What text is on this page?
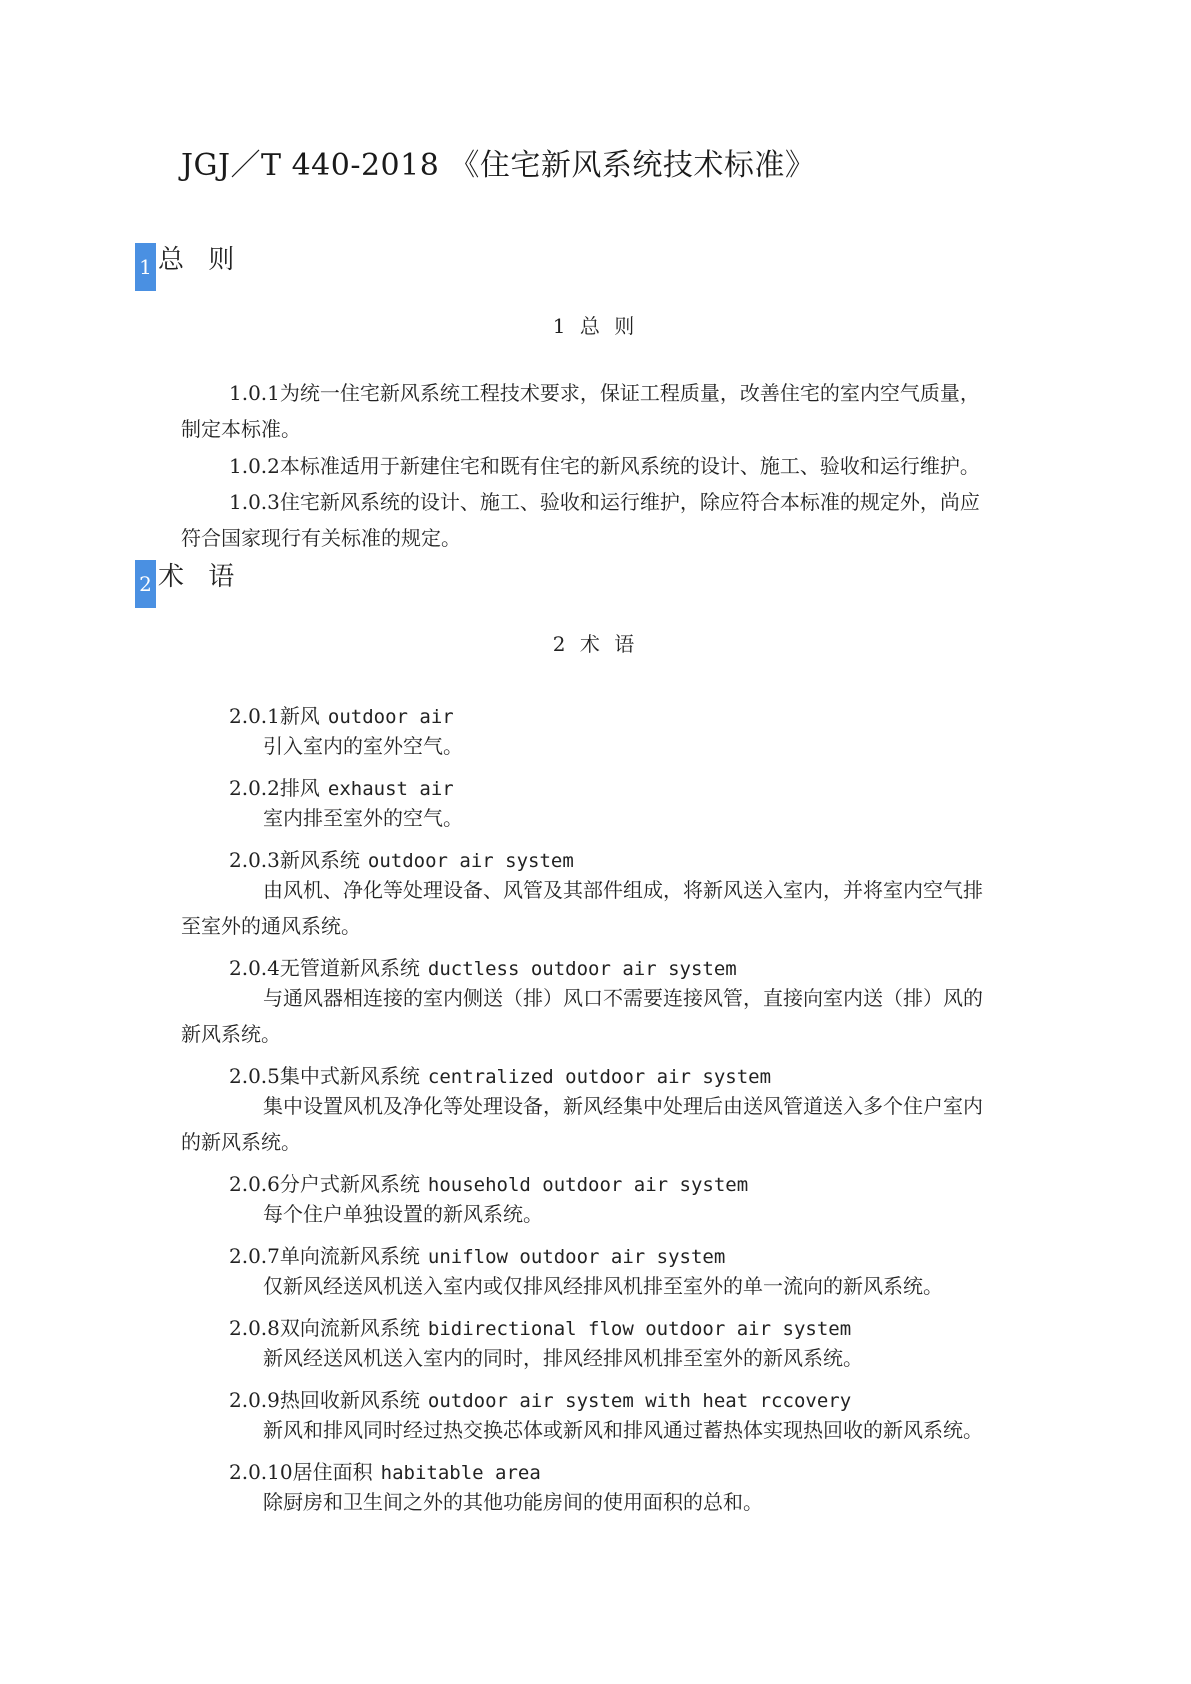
JGJ／T 440-2018 《住宅新风系统技术标准》
1 总 则
1 总 则
1.0.1为统一住宅新风系统工程技术要求，保证工程质量，改善住宅的室内空气质量，
制定本标准。
1.0.2本标准适用于新建住宅和既有住宅的新风系统的设计、施工、验收和运行维护。
1.0.3住宅新风系统的设计、施工、验收和运行维护，除应符合本标准的规定外，尚应
符合国家现行有关标准的规定。
2 术 语
2 术 语
2.0.1新风 outdoor air
引入室内的室外空气。
2.0.2排风 exhaust air
室内排至室外的空气。
2.0.3新风系统 outdoor air system
由风机、净化等处理设备、风管及其部件组成，将新风送入室内，并将室内空气排
至室外的通风系统。
2.0.4无管道新风系统 ductless outdoor air system
与通风器相连接的室内侧送（排）风口不需要连接风管，直接向室内送（排）风的
新风系统。
2.0.5集中式新风系统 centralized outdoor air system
集中设置风机及净化等处理设备，新风经集中处理后由送风管道送入多个住户室内
的新风系统。
2.0.6分户式新风系统 household outdoor air system
每个住户单独设置的新风系统。
2.0.7单向流新风系统 uniflow outdoor air system
仅新风经送风机送入室内或仅排风经排风机排至室外的单一流向的新风系统。
2.0.8双向流新风系统 bidirectional flow outdoor air system
新风经送风机送入室内的同时，排风经排风机排至室外的新风系统。
2.0.9热回收新风系统 outdoor air system with heat rccovery
新风和排风同时经过热交换芯体或新风和排风通过蓄热体实现热回收的新风系统。
2.0.10居住面积 habitable area
除厨房和卫生间之外的其他功能房间的使用面积的总和。
